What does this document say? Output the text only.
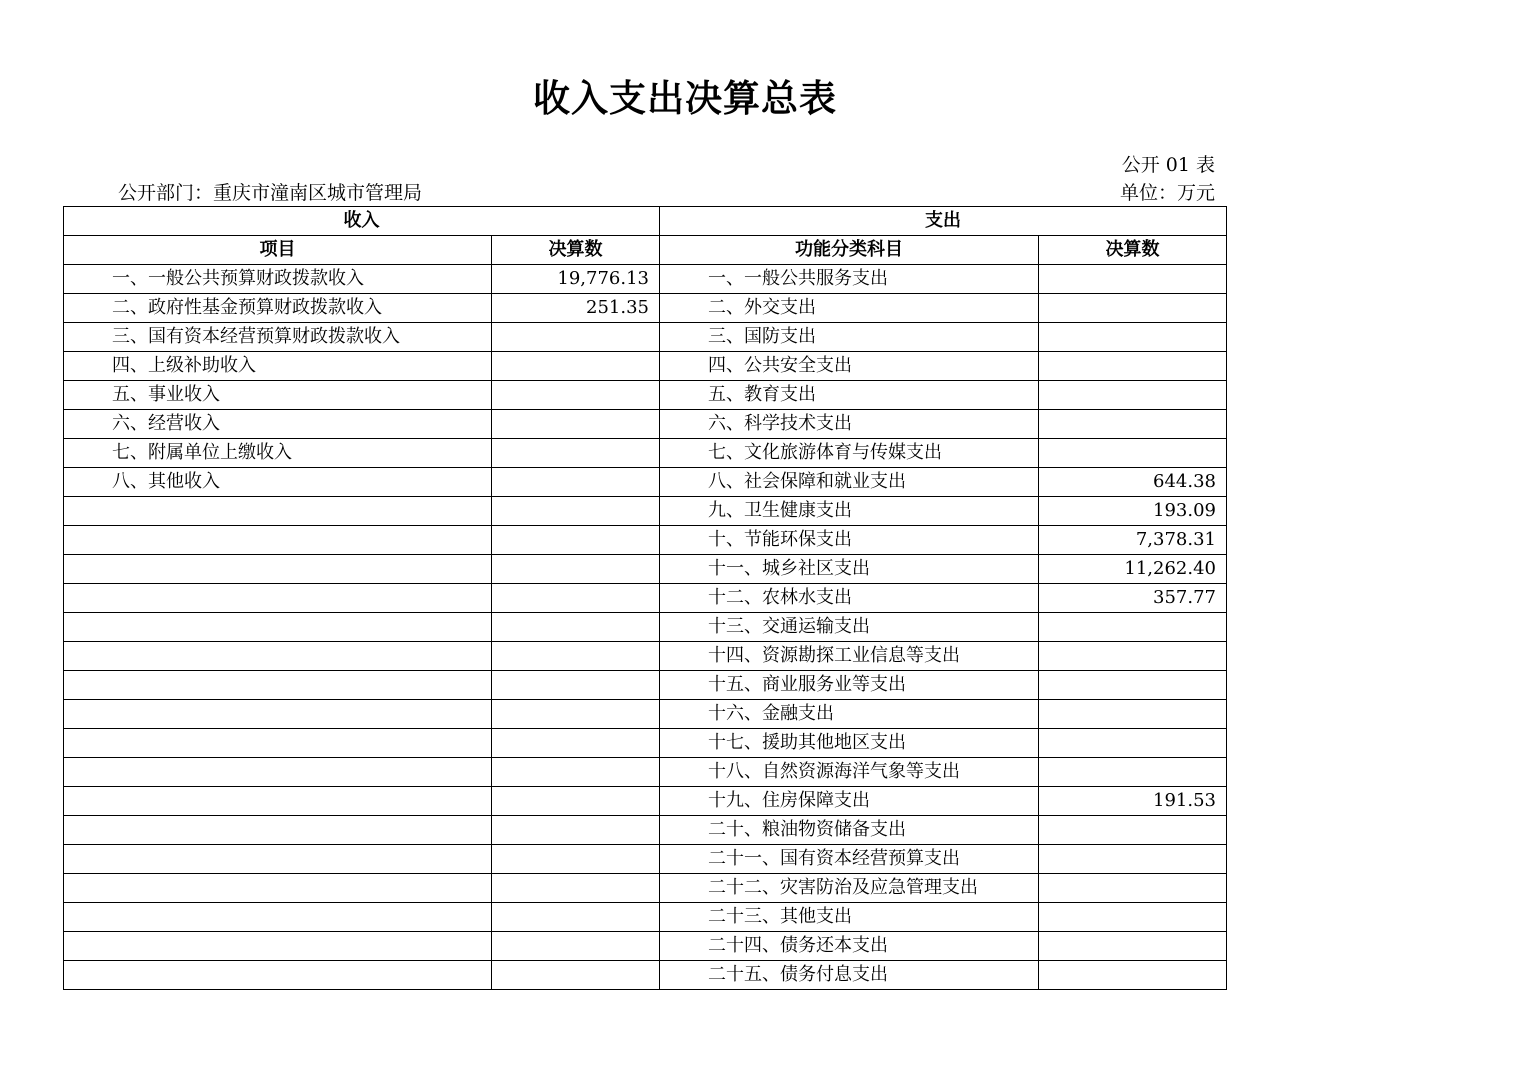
收入支出决算总表
公开 01 表
公开部门：重庆市潼南区城市管理局	单位：万元
收入		支出	
项目	决算数	功能分类科目	决算数
一、一般公共预算财政拨款收入	19,776.13	一、一般公共服务支出	
二、政府性基金预算财政拨款收入	251.35	二、外交支出	
三、国有资本经营预算财政拨款收入		三、国防支出	
四、上级补助收入		四、公共安全支出	
五、事业收入		五、教育支出	
六、经营收入		六、科学技术支出	
七、附属单位上缴收入		七、文化旅游体育与传媒支出	
八、其他收入		八、社会保障和就业支出	644.38
		九、卫生健康支出	193.09
		十、节能环保支出	7,378.31
		十一、城乡社区支出	11,262.40
		十二、农林水支出	357.77
		十三、交通运输支出	
		十四、资源勘探工业信息等支出	
		十五、商业服务业等支出	
		十六、金融支出	
		十七、援助其他地区支出	
		十八、自然资源海洋气象等支出	
		十九、住房保障支出	191.53
		二十、粮油物资储备支出	
		二十一、国有资本经营预算支出	
		二十二、灾害防治及应急管理支出	
		二十三、其他支出	
		二十四、债务还本支出	
		二十五、债务付息支出	
